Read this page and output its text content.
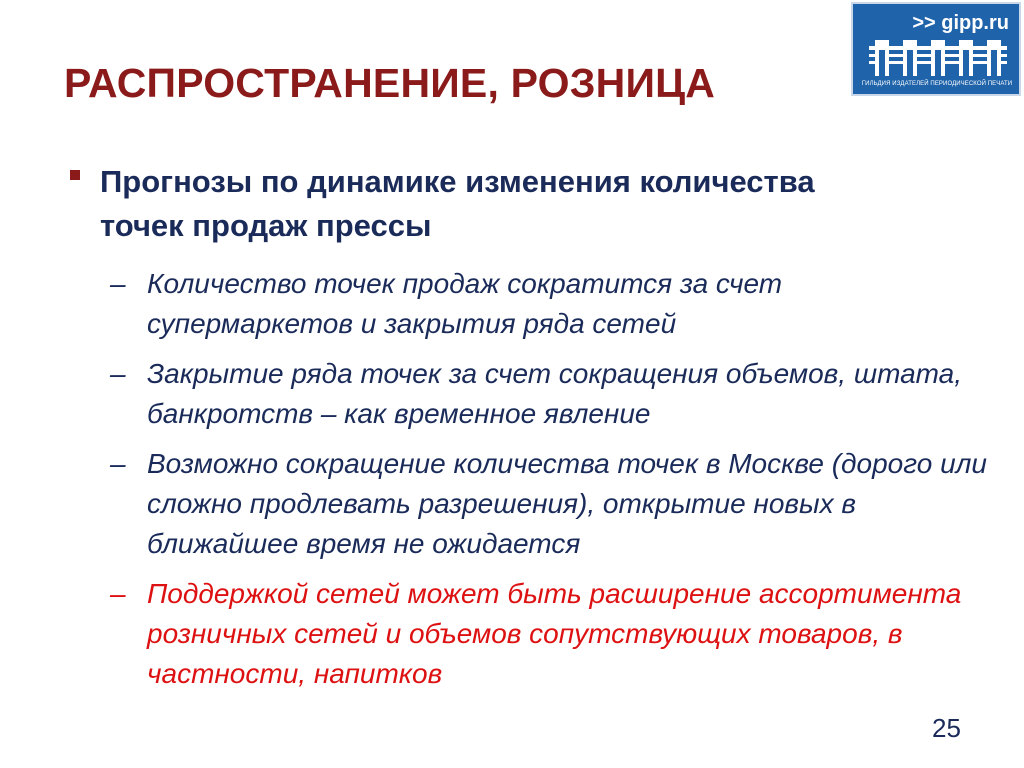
РАСПРОСТРАНЕНИЕ, РОЗНИЦА
>> gipp.ru
ГИЛЬДИЯ ИЗДАТЕЛЕЙ ПЕРИОДИЧЕСКОЙ ПЕЧАТИ
Прогнозы по динамике изменения количества точек продаж прессы
– Количество точек продаж сократится за счет супермаркетов и закрытия ряда сетей
– Закрытие ряда точек за счет сокращения объемов, штата, банкротств – как временное явление
– Возможно сокращение количества точек в Москве (дорого или сложно продлевать разрешения), открытие новых в ближайшее время не ожидается
– Поддержкой сетей может быть расширение ассортимента розничных сетей и объемов сопутствующих товаров, в частности, напитков
25
